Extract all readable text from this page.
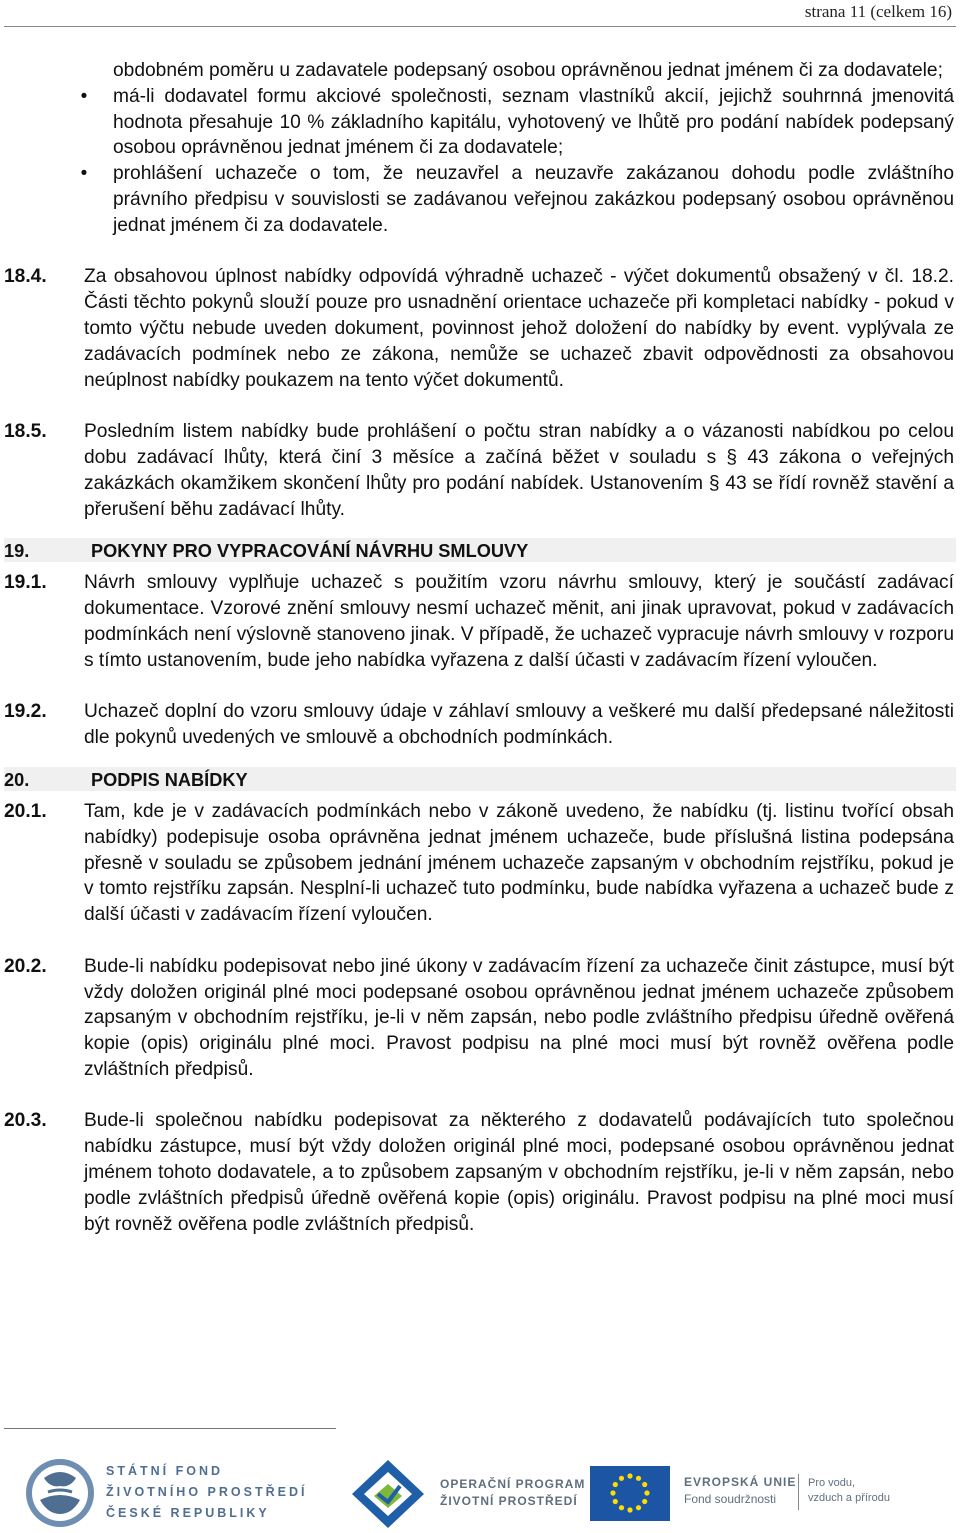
strana 11 (celkem 16)
obdobném poměru u zadavatele podepsaný osobou oprávněnou jednat jménem či za dodavatele;
• má-li dodavatel formu akciové společnosti, seznam vlastníků akcií, jejichž souhrnná jmenovitá hodnota přesahuje 10 % základního kapitálu, vyhotovený ve lhůtě pro podání nabídek podepsaný osobou oprávněnou jednat jménem či za dodavatele;
• prohlášení uchazeče o tom, že neuzavřel a neuzavře zakázanou dohodu podle zvláštního právního předpisu v souvislosti se zadávanou veřejnou zakázkou podepsaný osobou oprávněnou jednat jménem či za dodavatele.
18.4. Za obsahovou úplnost nabídky odpovídá výhradně uchazeč - výčet dokumentů obsažený v čl. 18.2. Části těchto pokynů slouží pouze pro usnadnění orientace uchazeče při kompletaci nabídky - pokud v tomto výčtu nebude uveden dokument, povinnost jehož doložení do nabídky by event. vyplývala ze zadávacích podmínek nebo ze zákona, nemůže se uchazeč zbavit odpovědnosti za obsahovou neúplnost nabídky poukazem na tento výčet dokumentů.
18.5. Posledním listem nabídky bude prohlášení o počtu stran nabídky a o vázanosti nabídkou po celou dobu zadávací lhůty, která činí 3 měsíce a začíná běžet v souladu s § 43 zákona o veřejných zakázkách okamžikem skončení lhůty pro podání nabídek. Ustanovením § 43 se řídí rovněž stavění a přerušení běhu zadávací lhůty.
19.	POKYNY PRO VYPRACOVÁNÍ NÁVRHU SMLOUVY
19.1. Návrh smlouvy vyplňuje uchazeč s použitím vzoru návrhu smlouvy, který je součástí zadávací dokumentace. Vzorové znění smlouvy nesmí uchazeč měnit, ani jinak upravovat, pokud v zadávacích podmínkách není výslovně stanoveno jinak. V případě, že uchazeč vypracuje návrh smlouvy v rozporu s tímto ustanovením, bude jeho nabídka vyřazena z další účasti v zadávacím řízení vyloučen.
19.2. Uchazeč doplní do vzoru smlouvy údaje v záhlaví smlouvy a veškeré mu další předepsané náležitosti dle pokynů uvedených ve smlouvě a obchodních podmínkách.
20.	PODPIS NABÍDKY
20.1. Tam, kde je v zadávacích podmínkách nebo v zákoně uvedeno, že nabídku (tj. listinu tvořící obsah nabídky) podepisuje osoba oprávněna jednat jménem uchazeče, bude příslušná listina podepsána přesně v souladu se způsobem jednání jménem uchazeče zapsaným v obchodním rejstříku, pokud je v tomto rejstříku zapsán. Nesplní-li uchazeč tuto podmínku, bude nabídka vyřazena a uchazeč bude z další účasti v zadávacím řízení vyloučen.
20.2. Bude-li nabídku podepisovat nebo jiné úkony v zadávacím řízení za uchazeče činit zástupce, musí být vždy doložen originál plné moci podepsané osobou oprávněnou jednat jménem uchazeče způsobem zapsaným v obchodním rejstříku, je-li v něm zapsán, nebo podle zvláštního předpisu úředně ověřená kopie (opis) originálu plné moci. Pravost podpisu na plné moci musí být rovněž ověřena podle zvláštních předpisů.
20.3. Bude-li společnou nabídku podepisovat za některého z dodavatelů podávajících tuto společnou nabídku zástupce, musí být vždy doložen originál plné moci, podepsané osobou oprávněnou jednat jménem tohoto dodavatele, a to způsobem zapsaným v obchodním rejstříku, je-li v něm zapsán, nebo podle zvláštních předpisů úředně ověřená kopie (opis) originálu. Pravost podpisu na plné moci musí být rovněž ověřena podle zvláštních předpisů.
STÁTNÍ FOND
ŽIVOTNÍHO PROSTŘEDÍ
ČESKÉ REPUBLIKY
OPERAČNÍ PROGRAM
ŽIVOTNÍ PROSTŘEDÍ
EVROPSKÁ UNIE
Fond soudržnosti
Pro vodu,
vzduch a přírodu
